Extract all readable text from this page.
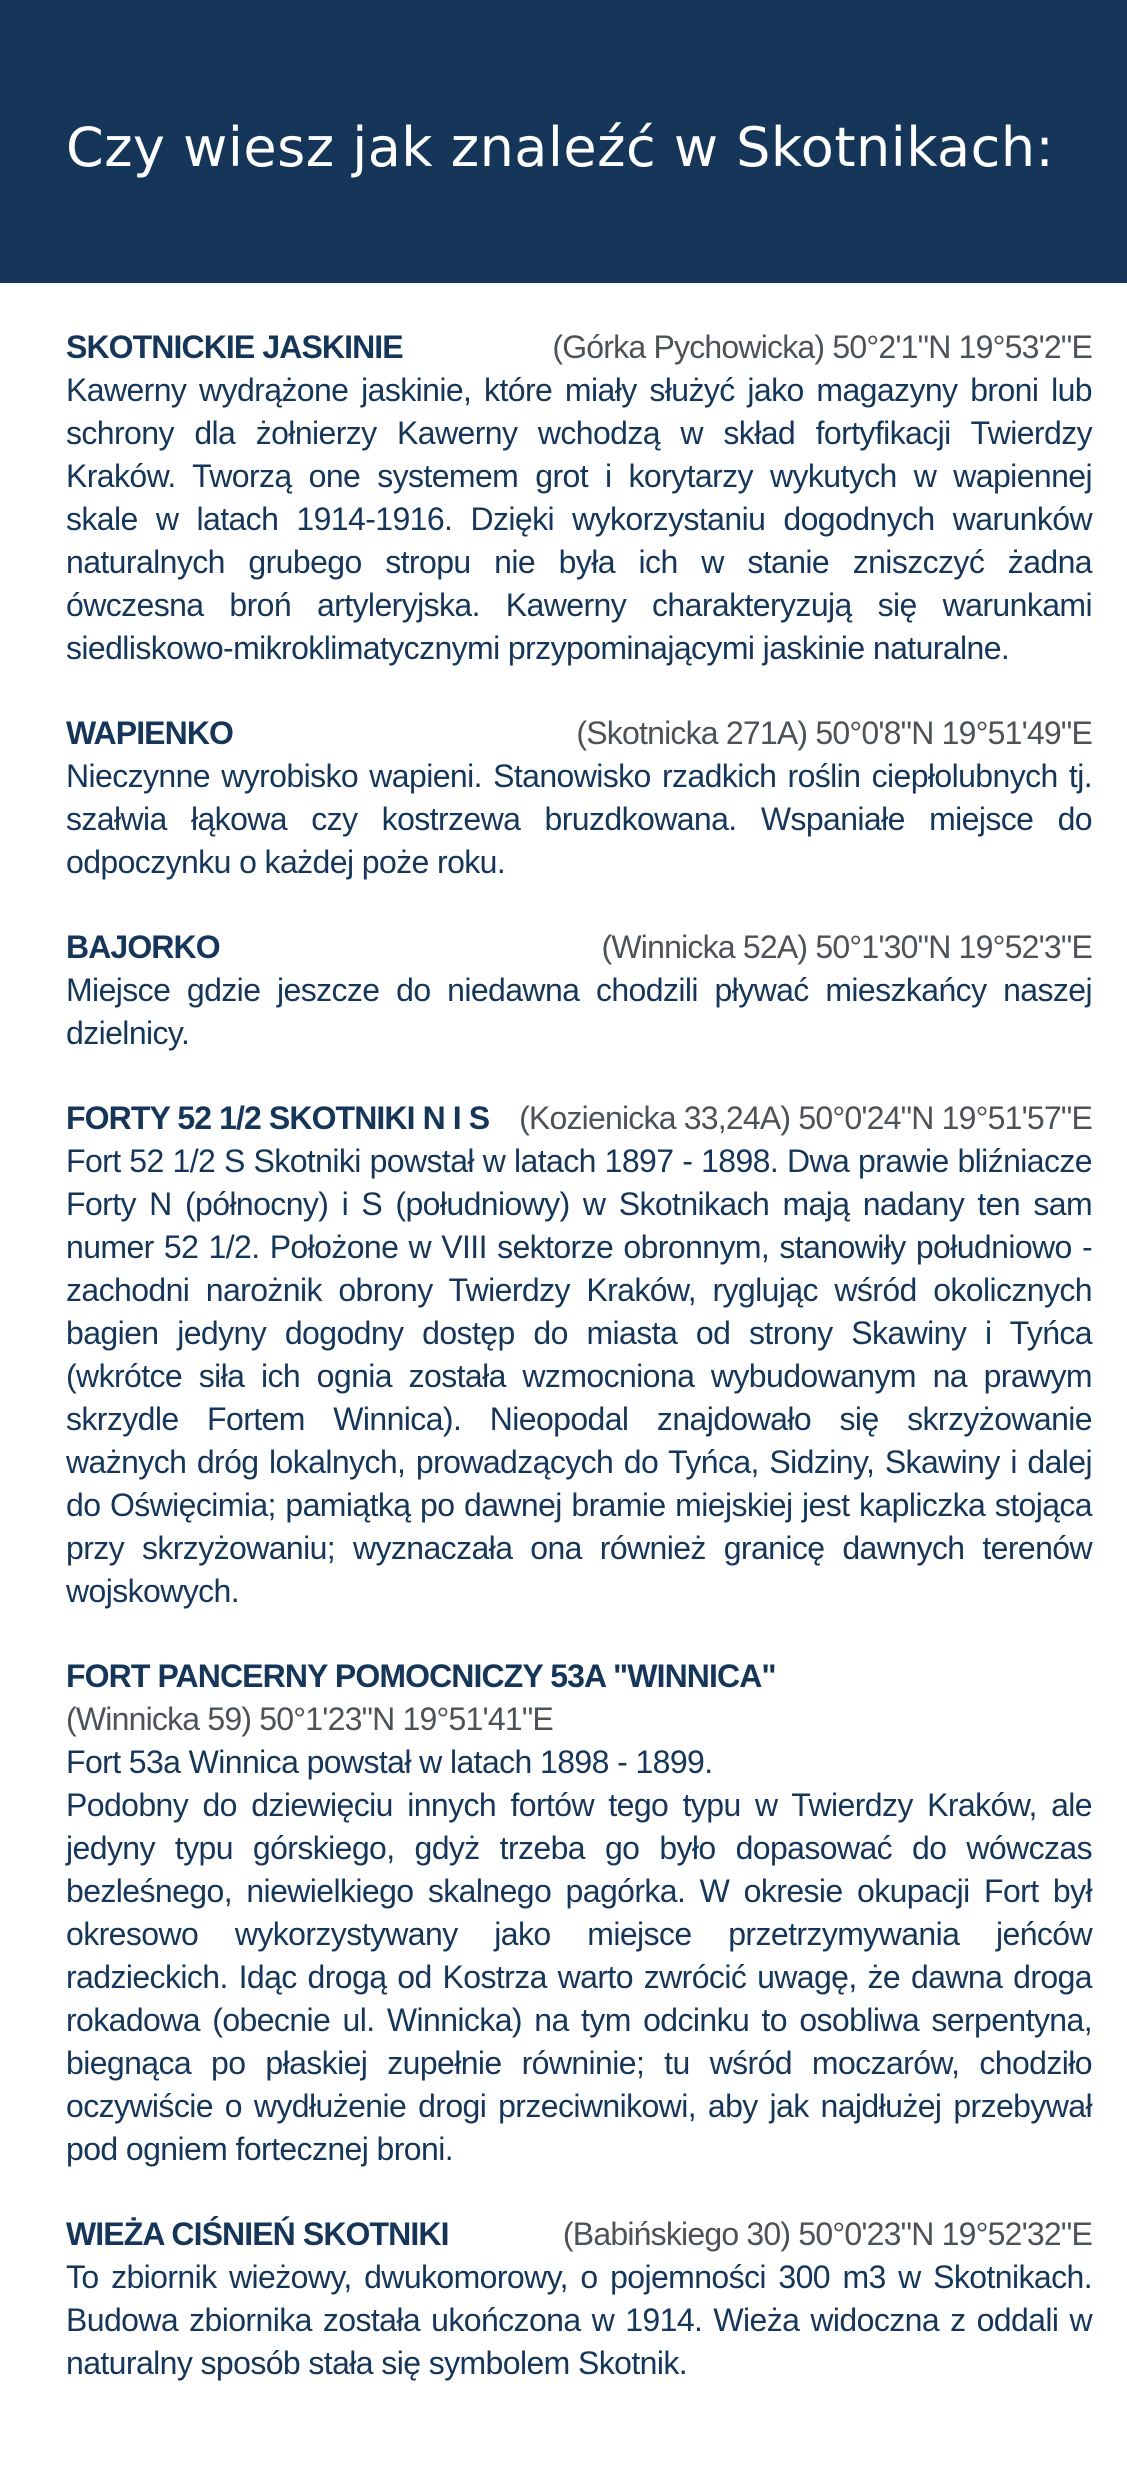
Czy wiesz jak znaleźć w Skotnikach:
SKOTNICKIE JASKINIE	(Górka Pychowicka) 50°2'1"N 19°53'2"E

Kawerny wydrążone jaskinie, które miały służyć jako magazyny broni lub schrony dla żołnierzy Kawerny wchodzą w skład fortyfikacji Twierdzy Kraków. Tworzą one systemem grot i korytarzy wykutych w wapiennej skale w latach 1914-1916. Dzięki wykorzystaniu dogodnych warunków naturalnych grubego stropu nie była ich w stanie zniszczyć żadna ówczesna broń artyleryjska. Kawerny charakteryzują się warunkami siedliskowo-mikroklimatycznymi przypominającymi jaskinie naturalne.

WAPIENKO	(Skotnicka 271A) 50°0'8"N 19°51'49"E

Nieczynne wyrobisko wapieni. Stanowisko rzadkich roślin ciepłolubnych tj. szałwia łąkowa czy kostrzewa bruzdkowana. Wspaniałe miejsce do odpoczynku o każdej poże roku.

BAJORKO	(Winnicka 52A) 50°1'30"N 19°52'3"E

Miejsce gdzie jeszcze do niedawna chodzili pływać mieszkańcy naszej dzielnicy.

FORTY 52 1/2 SKOTNIKI N I S (Kozienicka 33,24A) 50°0'24"N 19°51'57"E

Fort 52 1/2 S Skotniki powstał w latach 1897 - 1898. Dwa prawie bliźniacze Forty N (północny) i S (południowy) w Skotnikach mają nadany ten sam numer 52 1/2. Położone w VIII sektorze obronnym, stanowiły południowo - zachodni narożnik obrony Twierdzy Kraków, ryglując wśród okolicznych bagien jedyny dogodny dostęp do miasta od strony Skawiny i Tyńca (wkrótce siła ich ognia została wzmocniona wybudowanym na prawym skrzydle Fortem Winnica). Nieopodal znajdowało się skrzyżowanie ważnych dróg lokalnych, prowadzących do Tyńca, Sidziny, Skawiny i dalej do Oświęcimia; pamiątką po dawnej bramie miejskiej jest kapliczka stojąca przy skrzyżowaniu; wyznaczała ona również granicę dawnych terenów wojskowych.

FORT PANCERNY POMOCNICZY 53A "WINNICA"
(Winnicka 59) 50°1'23"N 19°51'41"E

Fort 53a Winnica powstał w latach 1898 - 1899.

Podobny do dziewięciu innych fortów tego typu w Twierdzy Kraków, ale jedyny typu górskiego, gdyż trzeba go było dopasować do wówczas bezleśnego, niewielkiego skalnego pagórka. W okresie okupacji Fort był okresowo wykorzystywany jako miejsce przetrzymywania jeńców radzieckich. Idąc drogą od Kostrza warto zwrócić uwagę, że dawna droga rokadowa (obecnie ul. Winnicka) na tym odcinku to osobliwa serpentyna, biegnąca po płaskiej zupełnie równinie; tu wśród moczarów, chodziło oczywiście o wydłużenie drogi przeciwnikowi, aby jak najdłużej przebywał pod ogniem fortecznej broni.

WIEŻA CIŚNIEŃ SKOTNIKI	(Babińskiego 30) 50°0'23"N 19°52'32"E

To zbiornik wieżowy, dwukomorowy, o pojemności 300 m3 w Skotnikach. Budowa zbiornika została ukończona w 1914. Wieża widoczna z oddali w naturalny sposób stała się symbolem Skotnik.
